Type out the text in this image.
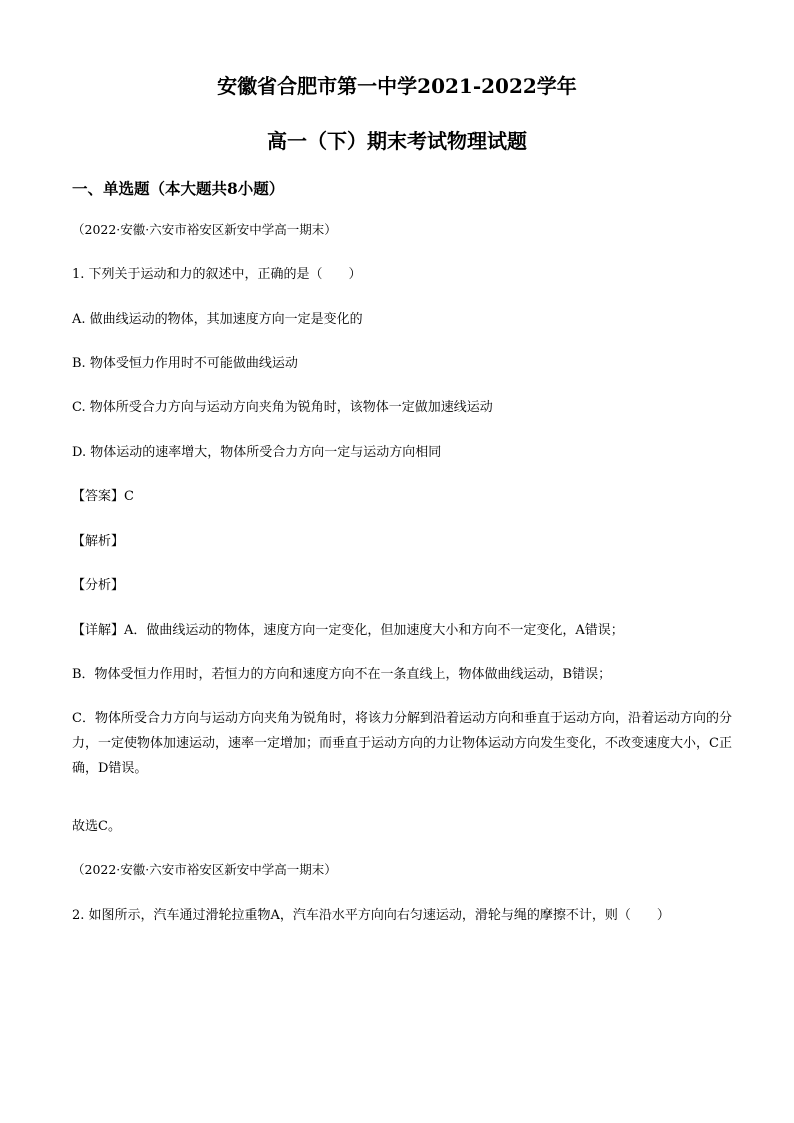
安徽省合肥市第一中学2021-2022学年
高一（下）期末考试物理试题
一、单选题（本大题共8小题）
（2022·安徽·六安市裕安区新安中学高一期末）
1. 下列关于运动和力的叙述中，正确的是（　　）
A. 做曲线运动的物体，其加速度方向一定是变化的
B. 物体受恒力作用时不可能做曲线运动
C. 物体所受合力方向与运动方向夹角为锐角时，该物体一定做加速线运动
D. 物体运动的速率增大，物体所受合力方向一定与运动方向相同
【答案】C
【解析】
【分析】
【详解】A．做曲线运动的物体，速度方向一定变化，但加速度大小和方向不一定变化，A错误；
B．物体受恒力作用时，若恒力的方向和速度方向不在一条直线上，物体做曲线运动，B错误；
C．物体所受合力方向与运动方向夹角为锐角时，将该力分解到沿着运动方向和垂直于运动方向，沿着运动方向的分力，一定使物体加速运动，速率一定增加；而垂直于运动方向的力让物体运动方向发生变化，不改变速度大小，C正确，D错误。
故选C。
（2022·安徽·六安市裕安区新安中学高一期末）
2. 如图所示，汽车通过滑轮拉重物A，汽车沿水平方向向右匀速运动，滑轮与绳的摩擦不计，则（　　）
